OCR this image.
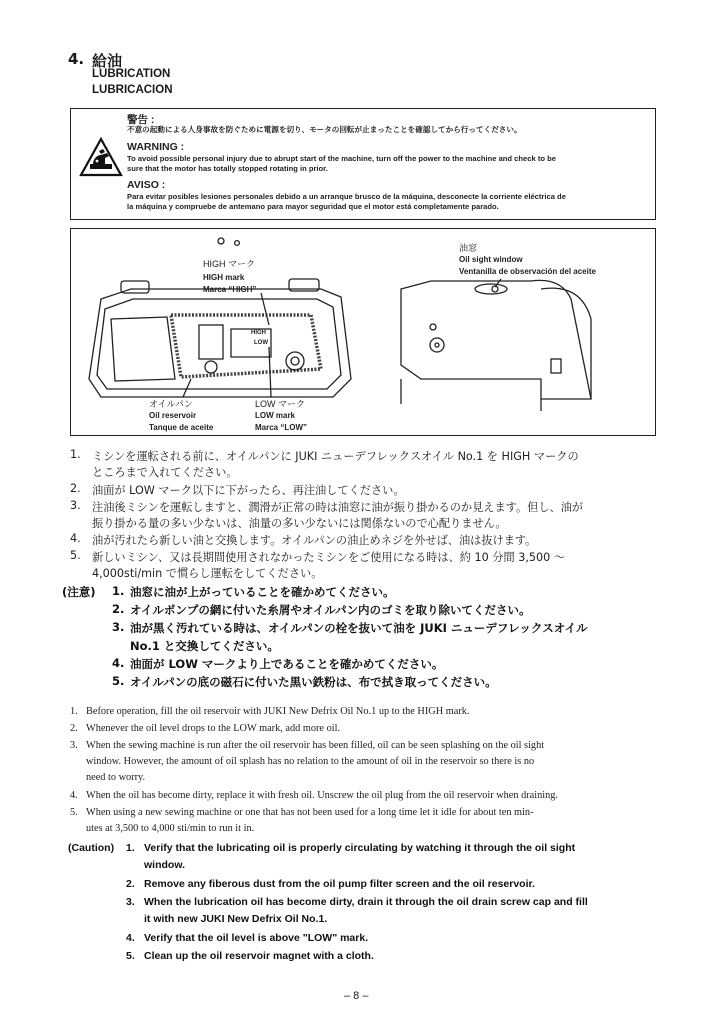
4. 給油
LUBRICATION
LUBRICACION
警告 :
不意の起動による人身事故を防ぐために電源を切り、モータの回転が止まったことを確認してから行ってください。
WARNING :
To avoid possible personal injury due to abrupt start of the machine, turn off the power to the machine and check to be
sure that the motor has totally stopped rotating in prior.
AVISO :
Para evitar posibles lesiones personales debido a un arranque brusco de la máquina, desconecte la corriente eléctrica de
la máquina y compruebe de antemano para mayor seguridad que el motor está completamente parado.
HIGH
LOW
HIGH マーク
HIGH mark
Marca “HIGH”
オイルパン
Oil reservoir
Tanque de aceite
LOW マーク
LOW mark
Marca “LOW”
油窓
Oil sight window
Ventanilla de observación del aceite
1. ミシンを運転される前に、オイルパンに JUKI ニューデフレックスオイル No.1 を HIGH マークの
ところまで入れてください。
2. 油面が LOW マーク以下に下がったら、再注油してください。
3. 注油後ミシンを運転しますと、潤滑が正常の時は油窓に油が振り掛かるのか見えます。但し、油が
振り掛かる量の多い少ないは、油量の多い少ないには関係ないので心配りません。
4. 油が汚れたら新しい油と交換します。オイルパンの油止めネジを外せば、油は抜けます。
5. 新しいミシン、又は長期間使用されなかったミシンをご使用になる時は、約 10 分間 3,500 ～
4,000sti/min で慣らし運転をしてください。
(注意) 1. 油窓に油が上がっていることを確かめてください。
2. オイルポンプの網に付いた糸屑やオイルパン内のゴミを取り除いてください。
3. 油が黒く汚れている時は、オイルパンの栓を抜いて油を JUKI ニューデフレックスオイル
No.1 と交換してください。
4. 油面が LOW マークより上であることを確かめてください。
5. オイルパンの底の磁石に付いた黒い鉄粉は、布で拭き取ってください。
1. Before operation, fill the oil reservoir with JUKI New Defrix Oil No.1 up to the HIGH mark.
2. Whenever the oil level drops to the LOW mark, add more oil.
3. When the sewing machine is run after the oil reservoir has been filled, oil can be seen splashing on the oil sight
window. However, the amount of oil splash has no relation to the amount of oil in the reservoir so there is no
need to worry.
4. When the oil has become dirty, replace it with fresh oil. Unscrew the oil plug from the oil reservoir when draining.
5. When using a new sewing machine or one that has not been used for a long time let it idle for about ten min-
utes at 3,500 to 4,000 sti/min to run it in.
(Caution) 1. Verify that the lubricating oil is properly circulating by watching it through the oil sight
window.
2. Remove any fiberous dust from the oil pump filter screen and the oil reservoir.
3. When the lubrication oil has become dirty, drain it through the oil drain screw cap and fill
it with new JUKI New Defrix Oil No.1.
4. Verify that the oil level is above "LOW" mark.
5. Clean up the oil reservoir magnet with a cloth.
– 8 –
